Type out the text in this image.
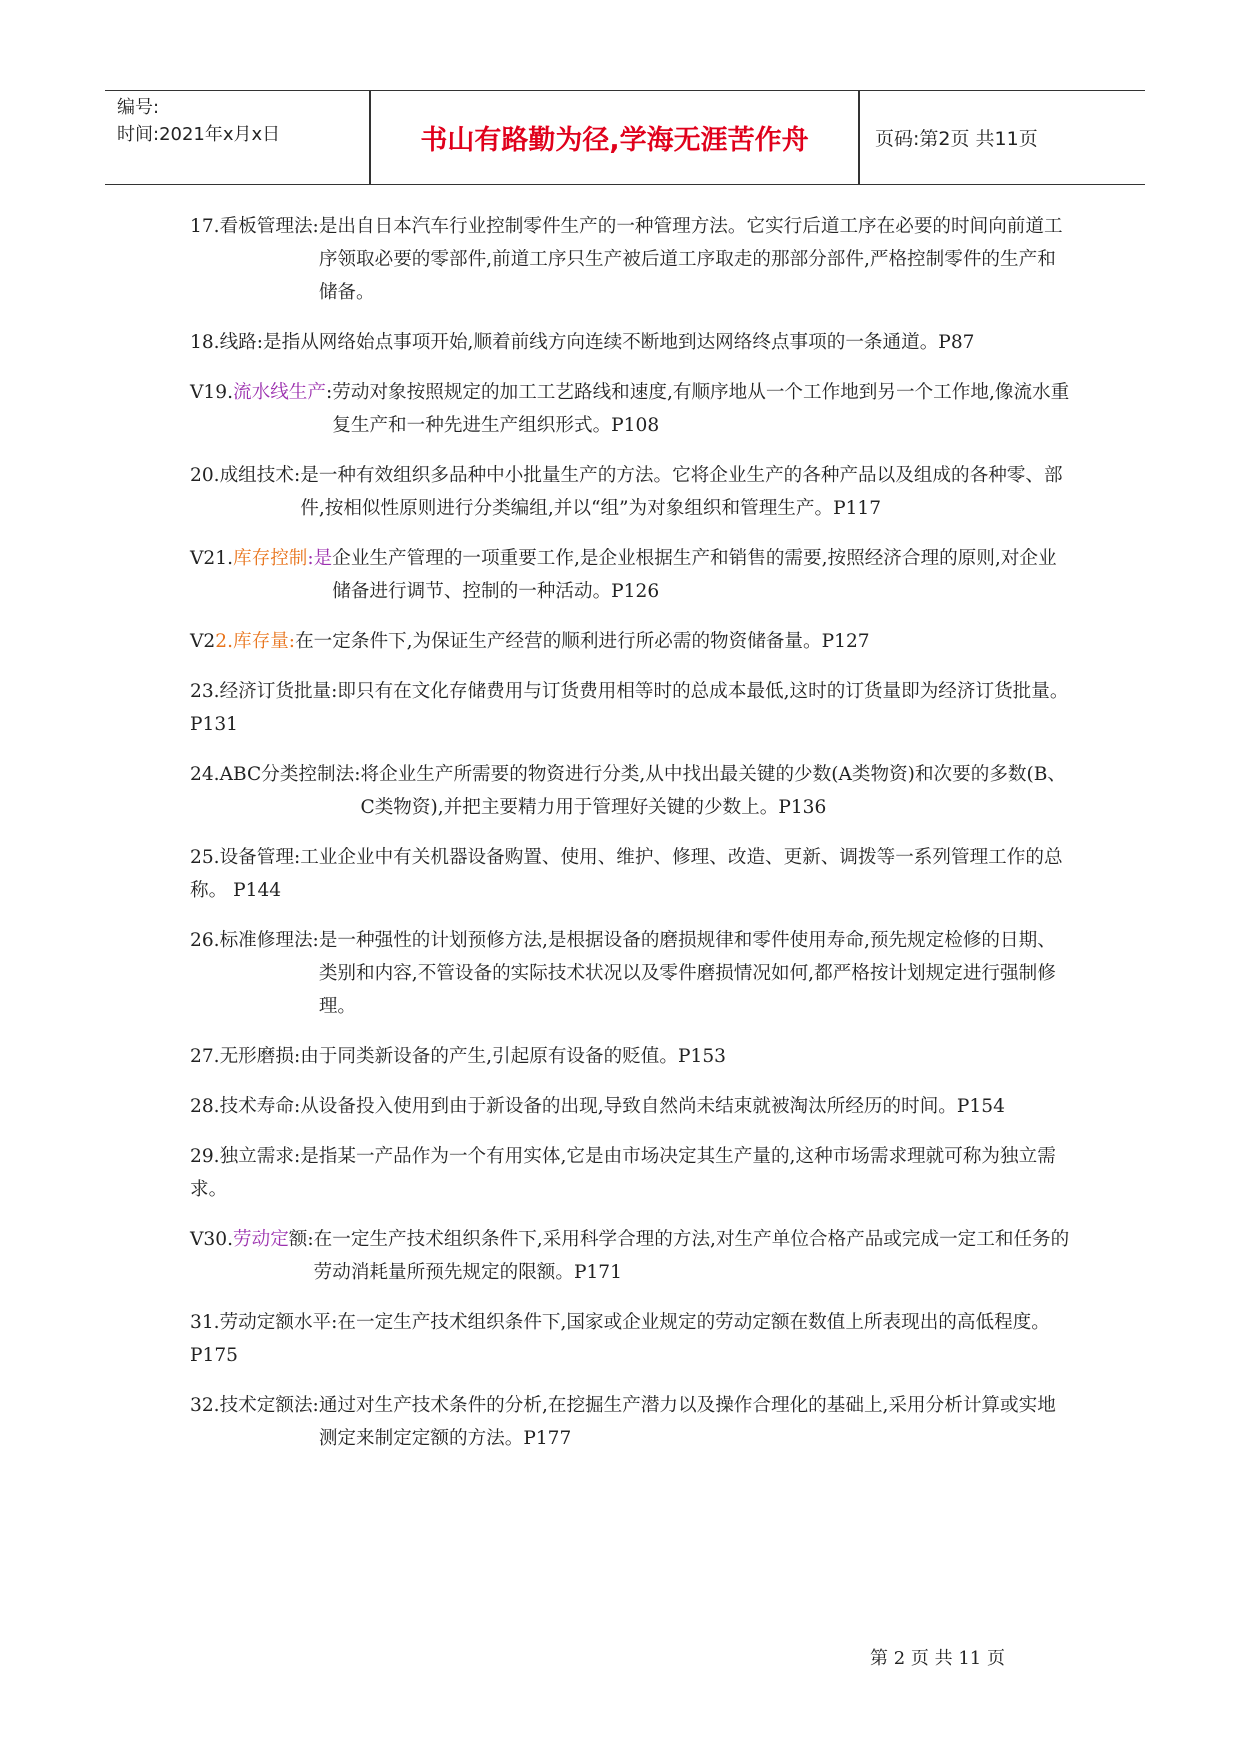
编号:
时间:2021年x月x日	书山有路勤为径,学海无涯苦作舟	页码:第2页 共11页
17.看板管理法: 是出自日本汽车行业控制零件生产的一种管理方法。它实行后道工序在必要的时间向前道工序领取必要的零部件,前道工序只生产被后道工序取走的那部分部件,严格控制零件的生产和储备。
18.线路:是指从网络始点事项开始,顺着前线方向连续不断地到达网络终点事项的一条通道。P87
V19.流水线生产: 劳动对象按照规定的加工工艺路线和速度,有顺序地从一个工作地到另一个工作地,像流水重复生产和一种先进生产组织形式。P108
20.成组技术: 是一种有效组织多品种中小批量生产的方法。它将企业生产的各种产品以及组成的各种零、部件,按相似性原则进行分类编组,并以“组”为对象组织和管理生产。P117
V21.库存控制:是 企业生产管理的一项重要工作,是企业根据生产和销售的需要,按照经济合理的原则,对企业储备进行调节、控制的一种活动。P126
V22.库存量:在一定条件下,为保证生产经营的顺利进行所必需的物资储备量。P127
23.经济订货批量:即只有在文化存储费用与订货费用相等时的总成本最低,这时的订货量即为经济订货批量。P131
24.ABC分类控制法: 将企业生产所需要的物资进行分类,从中找出最关键的少数(A类物资)和次要的多数(B、C类物资),并把主要精力用于管理好关键的少数上。P136
25.设备管理:工业企业中有关机器设备购置、使用、维护、修理、改造、更新、调拨等一系列管理工作的总称。 P144
26.标准修理法: 是一种强性的计划预修方法,是根据设备的磨损规律和零件使用寿命,预先规定检修的日期、类别和内容,不管设备的实际技术状况以及零件磨损情况如何,都严格按计划规定进行强制修理。
27.无形磨损:由于同类新设备的产生,引起原有设备的贬值。P153
28.技术寿命:从设备投入使用到由于新设备的出现,导致自然尚未结束就被淘汰所经历的时间。P154
29.独立需求:是指某一产品作为一个有用实体,它是由市场决定其生产量的,这种市场需求理就可称为独立需求。
V30.劳动定额: 在一定生产技术组织条件下,采用科学合理的方法,对生产单位合格产品或完成一定工和任务的劳动消耗量所预先规定的限额。P171
31.劳动定额水平:在一定生产技术组织条件下,国家或企业规定的劳动定额在数值上所表现出的高低程度。P175
32.技术定额法: 通过对生产技术条件的分析,在挖掘生产潜力以及操作合理化的基础上,采用分析计算或实地测定来制定定额的方法。P177
第 2 页 共 11 页
